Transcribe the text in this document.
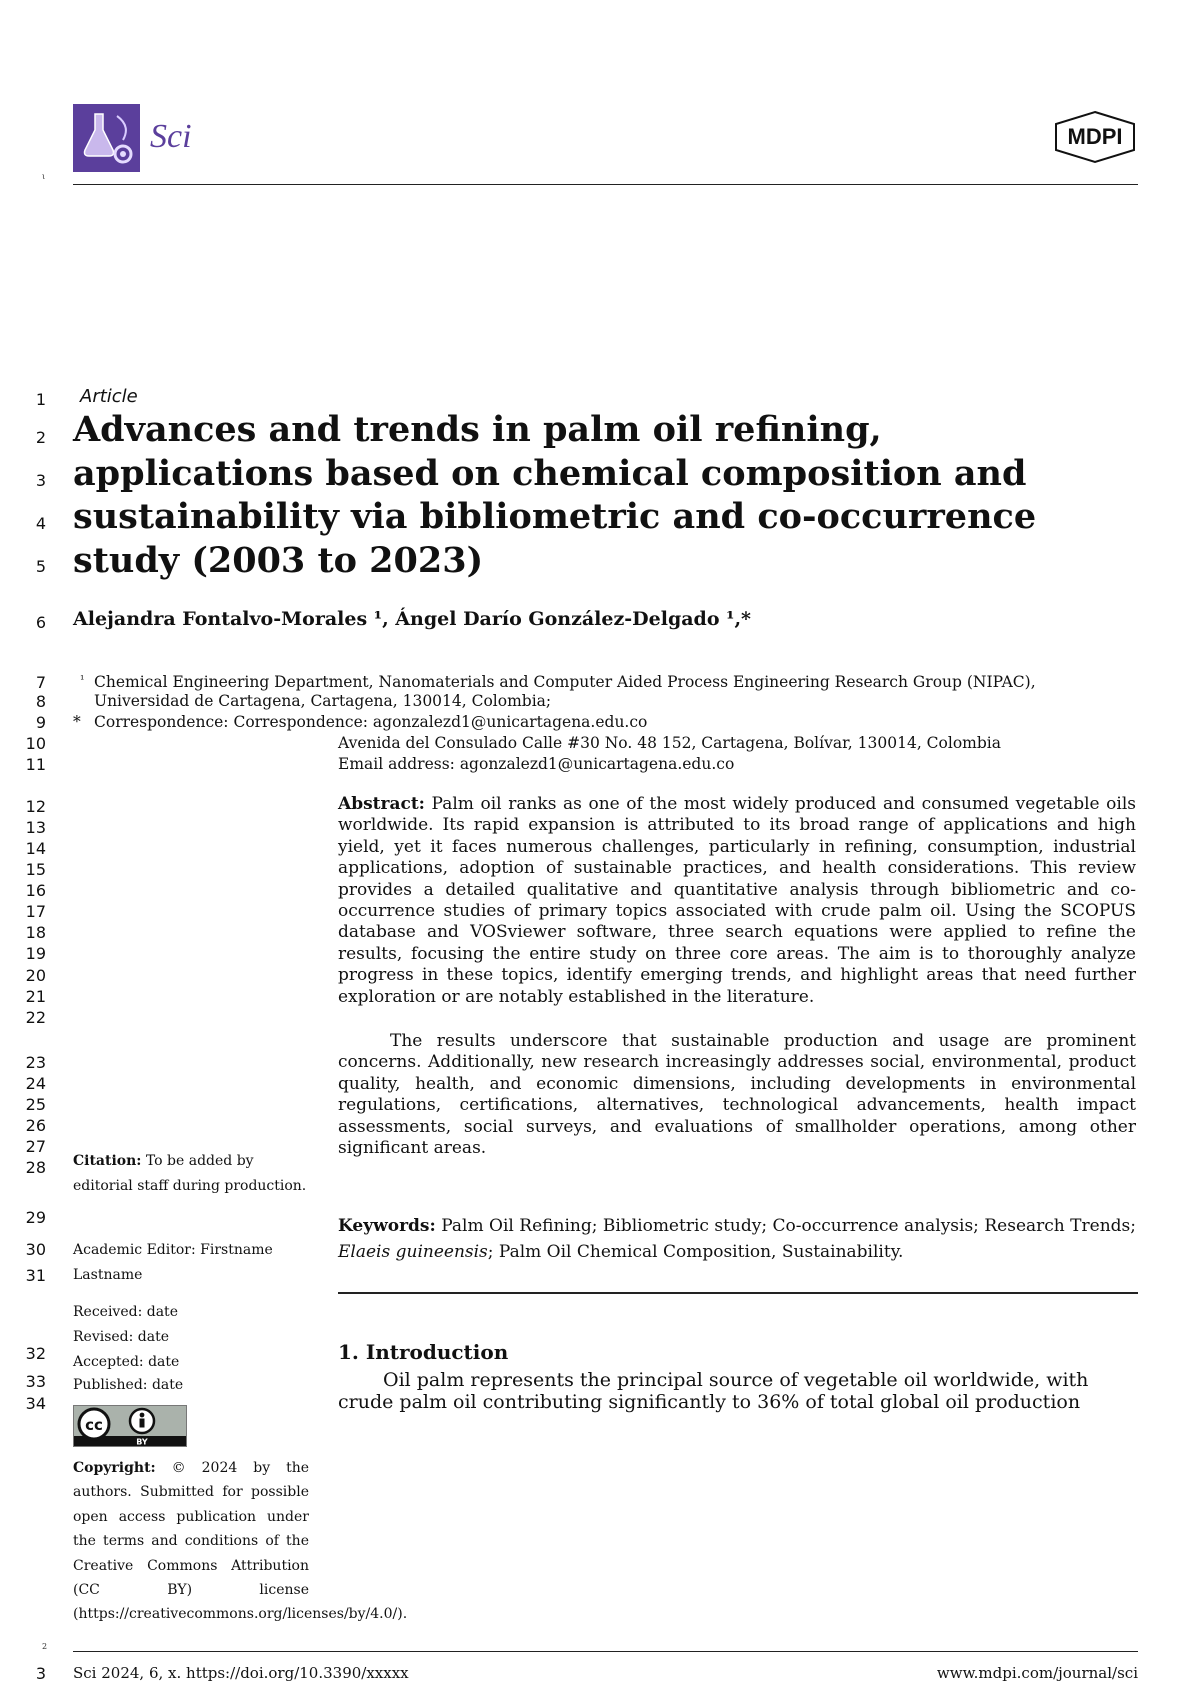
Sci	MDPI
ι
1
2
3
4
5
6
7
8
9
10
11
12
13
14
15
16
17
18
19
20
21
22
23
24
25
26
27
28
29
30
31
32
33
34
Article
Advances and trends in palm oil refining,
applications based on chemical composition and
sustainability via bibliometric and co-occurrence
study (2003 to 2023)
Alejandra Fontalvo-Morales ¹, Ángel Darío González-Delgado ¹,*
¹ Chemical Engineering Department, Nanomaterials and Computer Aided Process Engineering Research Group (NIPAC),
Universidad de Cartagena, Cartagena, 130014, Colombia;
* Correspondence: Correspondence: agonzalezd1@unicartagena.edu.co
Avenida del Consulado Calle #30 No. 48 152, Cartagena, Bolívar, 130014, Colombia
Email address: agonzalezd1@unicartagena.edu.co

Abstract: Palm oil ranks as one of the most widely produced and consumed vegetable oils worldwide. Its rapid expansion is attributed to its broad range of applications and high yield, yet it faces numerous challenges, particularly in refining, consumption, industrial applications, adoption of sustainable practices, and health considerations. This review provides a detailed qualitative and quantitative analysis through bibliometric and co-occurrence studies of primary topics associated with crude palm oil. Using the SCOPUS database and VOSviewer software, three search equations were applied to refine the results, focusing the entire study on three core areas. The aim is to thoroughly analyze progress in these topics, identify emerging trends, and highlight areas that need further exploration or are notably established in the literature.

The results underscore that sustainable production and usage are prominent concerns. Additionally, new research increasingly addresses social, environmental, product quality, health, and economic dimensions, including developments in environmental regulations, certifications, alternatives, technological advancements, health impact assessments, social surveys, and evaluations of smallholder operations, among other significant areas.

Keywords: Palm Oil Refining; Bibliometric study; Co-occurrence analysis; Research Trends; Elaeis guineensis; Palm Oil Chemical Composition, Sustainability.
1. Introduction
Oil palm represents the principal source of vegetable oil worldwide, with
crude palm oil contributing significantly to 36% of total global oil production
Citation: To be added by editorial staff during production.
Academic Editor: Firstname Lastname
Received: date
Revised: date
Accepted: date
Published: date
cc
BY
Copyright: © 2024 by the authors. Submitted for possible open access publication under the terms and conditions of the Creative Commons Attribution (CC BY) license (https://creativecommons.org/licenses/by/4.0/).
2
3 Sci 2024, 6, x. https://doi.org/10.3390/xxxxx	www.mdpi.com/journal/sci
